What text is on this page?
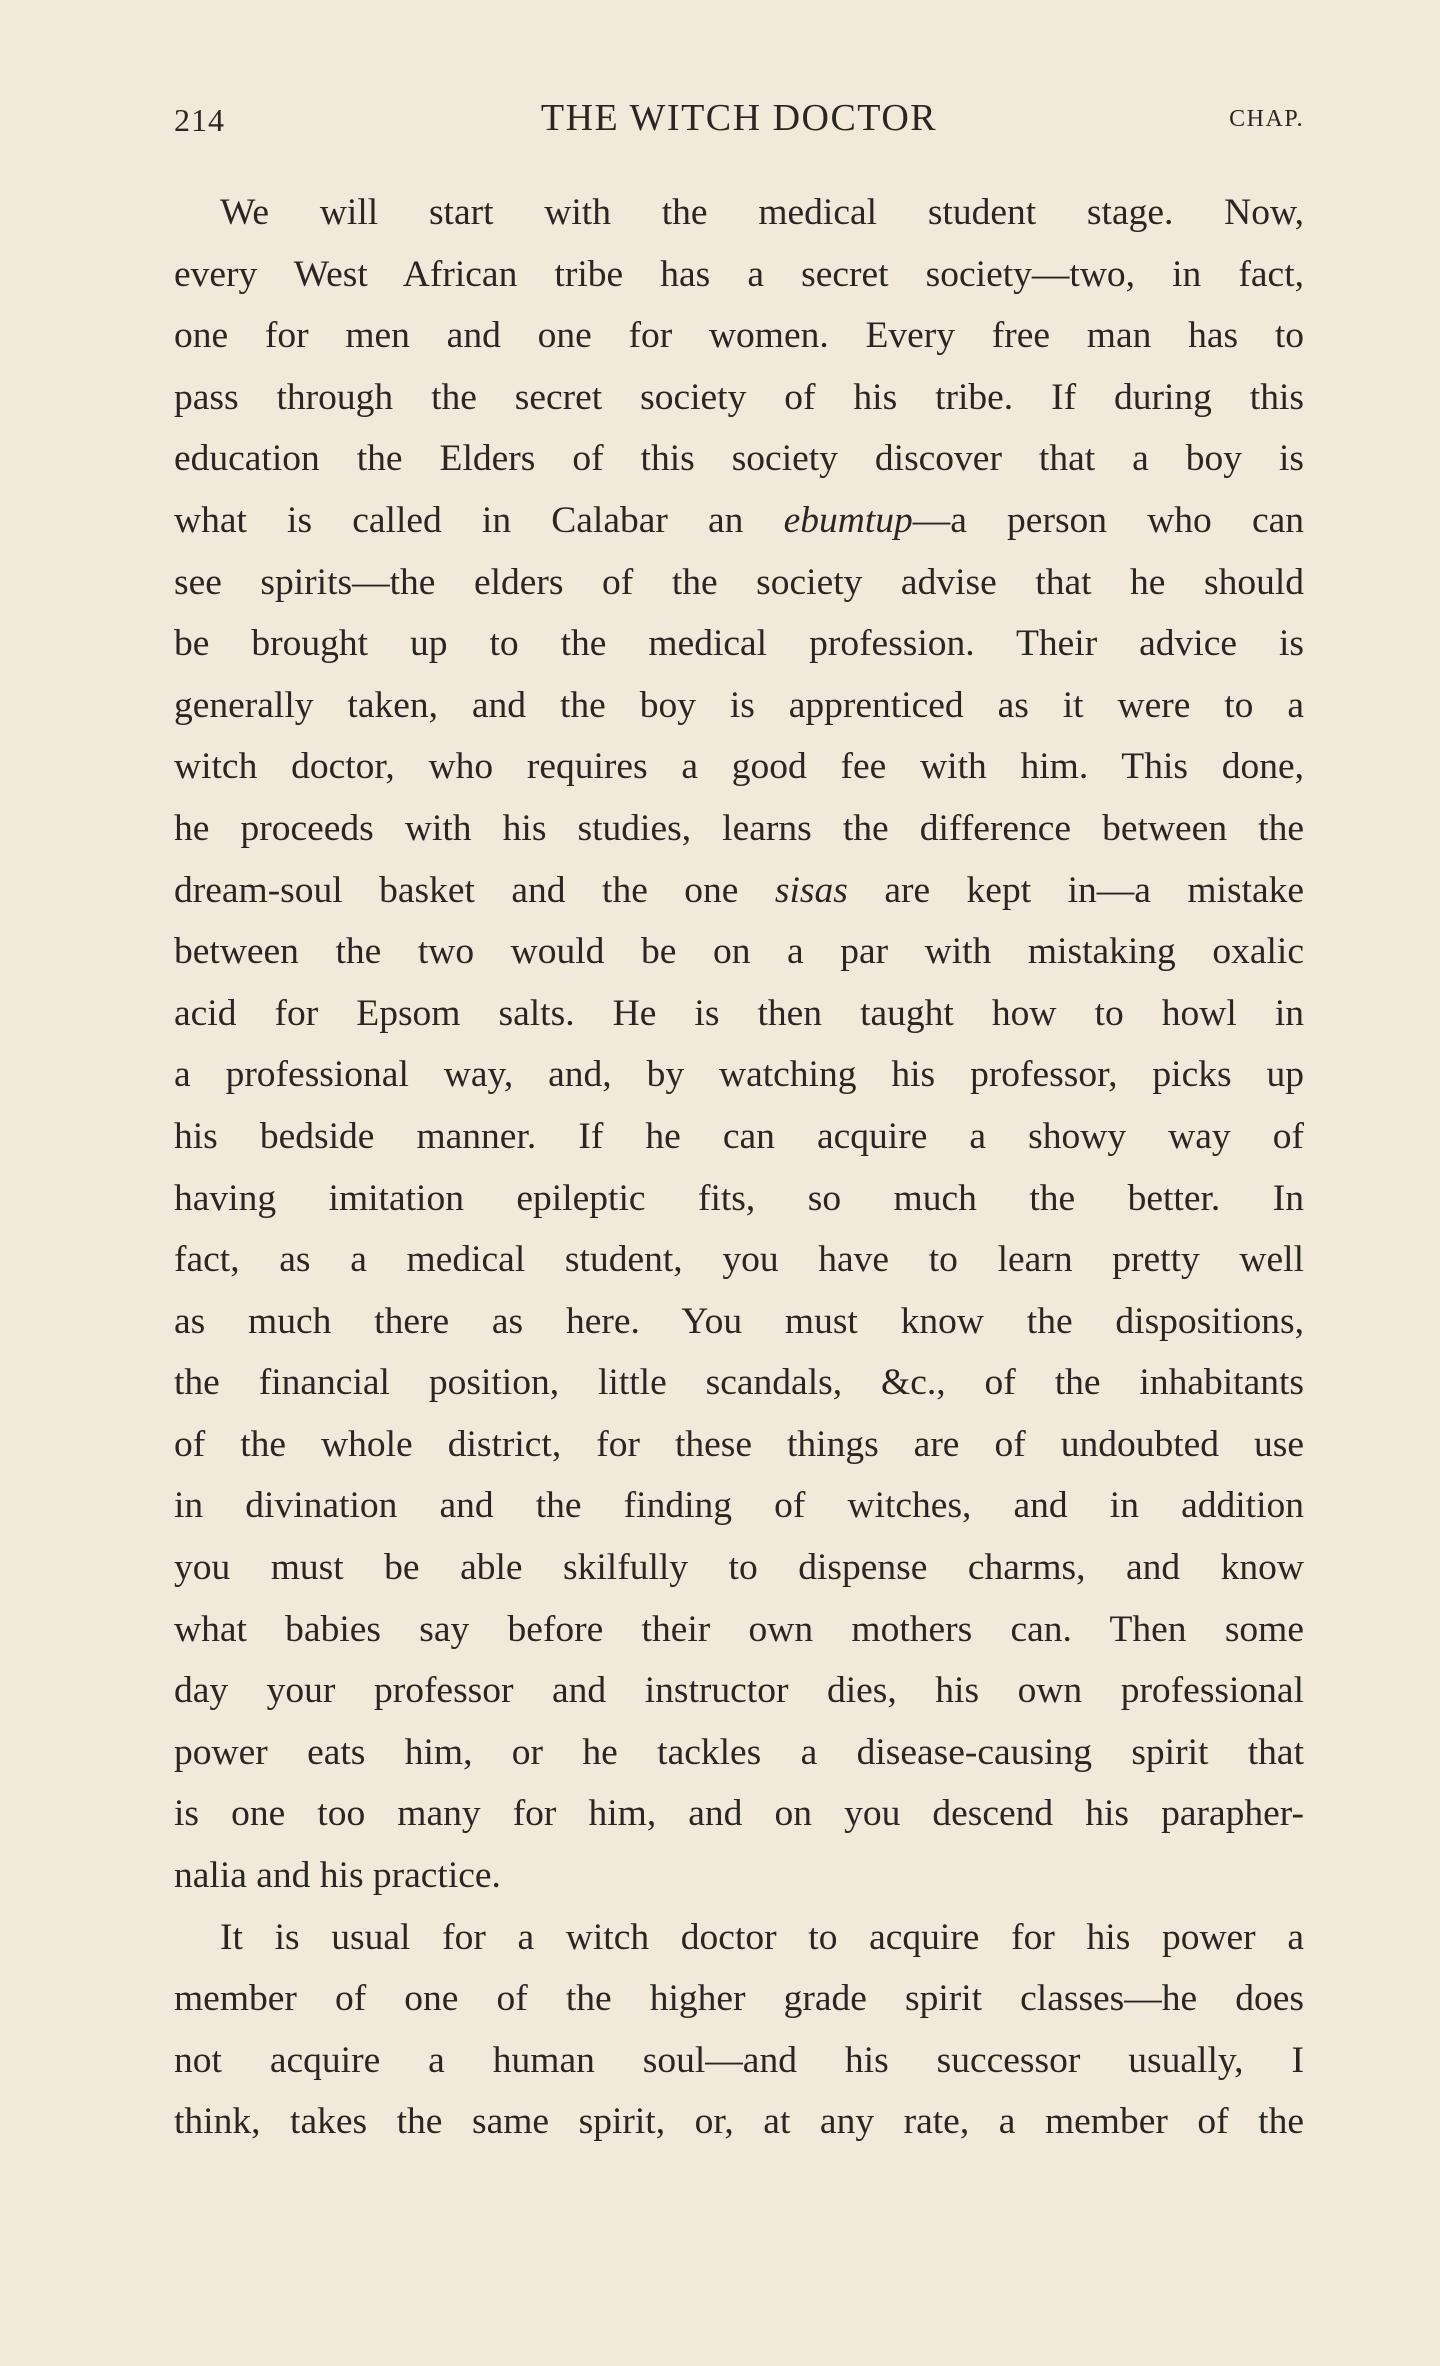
214	THE WITCH DOCTOR	CHAP.
We will start with the medical student stage. Now,
every West African tribe has a secret society—two, in fact,
one for men and one for women. Every free man has to
pass through the secret society of his tribe. If during this
education the Elders of this society discover that a boy is
what is called in Calabar an ebumtup—a person who can
see spirits—the elders of the society advise that he should
be brought up to the medical profession. Their advice is
generally taken, and the boy is apprenticed as it were to a
witch doctor, who requires a good fee with him. This done,
he proceeds with his studies, learns the difference between the
dream-soul basket and the one sisas are kept in—a mistake
between the two would be on a par with mistaking oxalic
acid for Epsom salts. He is then taught how to howl in
a professional way, and, by watching his professor, picks up
his bedside manner. If he can acquire a showy way of
having imitation epileptic fits, so much the better. In
fact, as a medical student, you have to learn pretty well
as much there as here. You must know the dispositions,
the financial position, little scandals, &c., of the inhabitants
of the whole district, for these things are of undoubted use
in divination and the finding of witches, and in addition
you must be able skilfully to dispense charms, and know
what babies say before their own mothers can. Then some
day your professor and instructor dies, his own professional
power eats him, or he tackles a disease-causing spirit that
is one too many for him, and on you descend his parapher-
nalia and his practice.
It is usual for a witch doctor to acquire for his power a
member of one of the higher grade spirit classes—he does
not acquire a human soul—and his successor usually, I
think, takes the same spirit, or, at any rate, a member of the
